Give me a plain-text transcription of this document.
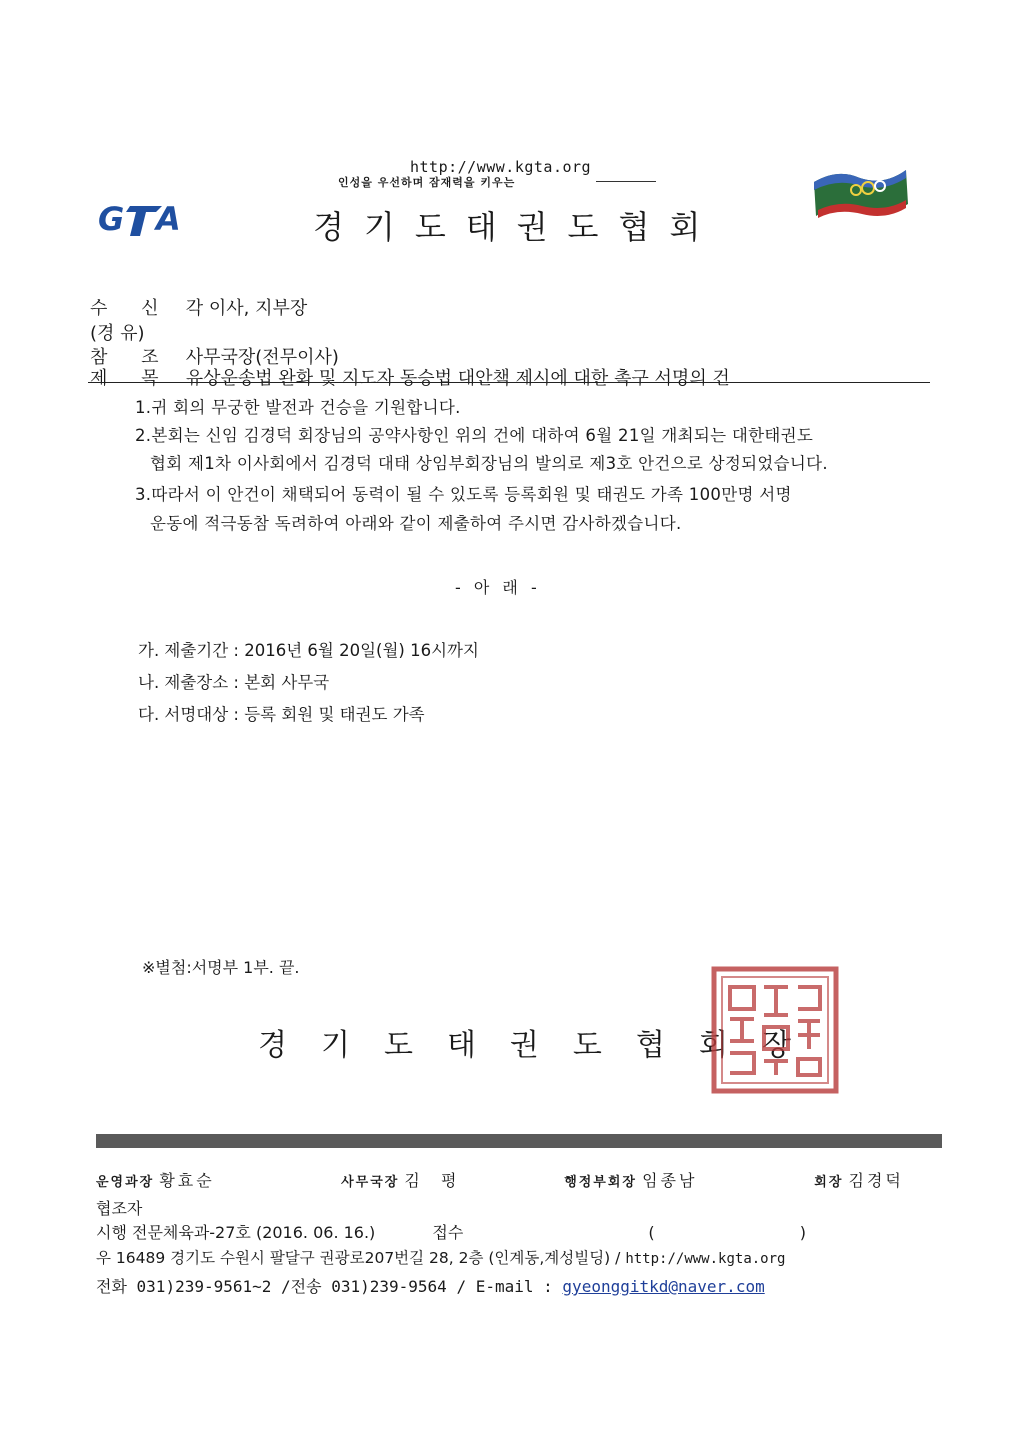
http://www.kgta.org
인성을 우선하며 잠재력을 키우는
G A	경기도태권도협회
수 신 각 이사, 지부장
(경 유)
참 조 사무국장(전무이사)
제 목 유상운송법 완화 및 지도자 동승법 대안책 제시에 대한 촉구 서명의 건
1.귀 회의 무궁한 발전과 건승을 기원합니다.
2.본회는 신임 김경덕 회장님의 공약사항인 위의 건에 대하여 6월 21일 개최되는 대한태권도
협회 제1차 이사회에서 김경덕 대태 상임부회장님의 발의로 제3호 안건으로 상정되었습니다.
3.따라서 이 안건이 채택되어 동력이 될 수 있도록 등록회원 및 태권도 가족 100만명 서명
운동에 적극동참 독려하여 아래와 같이 제출하여 주시면 감사하겠습니다.
- 아 래 -
가. 제출기간 : 2016년 6월 20일(월) 16시까지
나. 제출장소 : 본회 사무국
다. 서명대상 : 등록 회원 및 태권도 가족
※별첨:서명부 1부. 끝.
경기도태권도협회장
운영과장 황효순	사무국장 김 평	행정부회장 임종남	회장 김경덕
협조자
시행 전문체육과-27호 (2016. 06. 16.)	접수	(	)
우 16489 경기도 수원시 팔달구 권광로207번길 28, 2층 (인계동,계성빌딩) / http://www.kgta.org
전화 031)239-9561~2 /전송 031)239-9564 / E-mail : gyeonggitkd@naver.com
